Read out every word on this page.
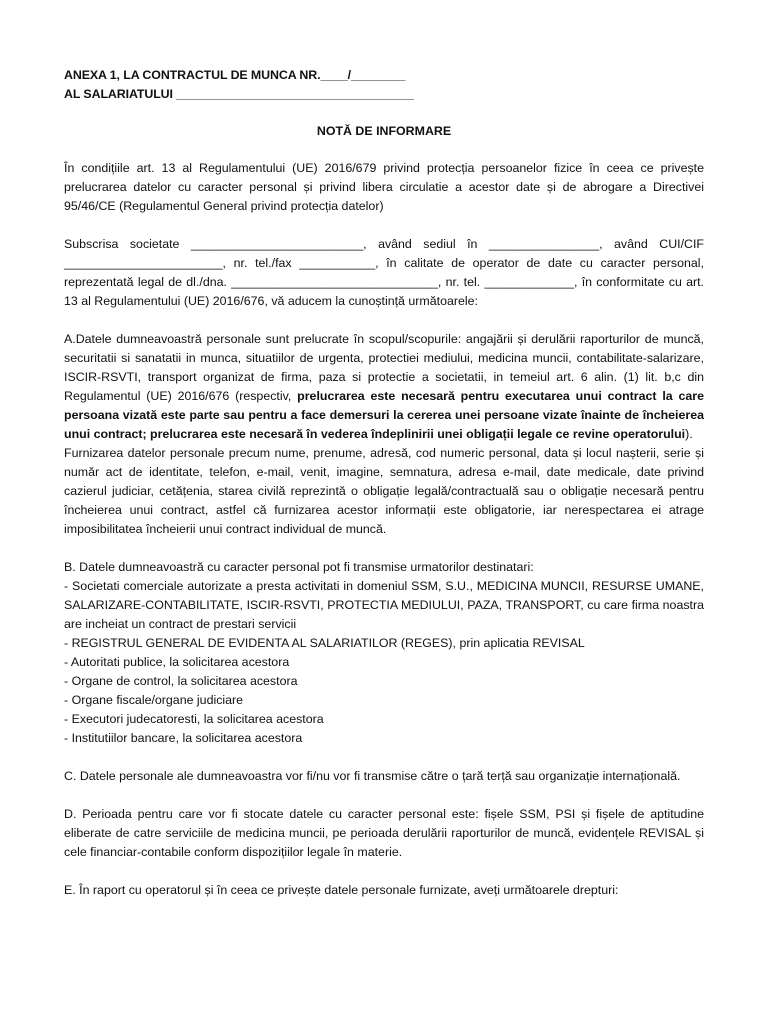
ANEXA 1, LA CONTRACTUL DE MUNCA NR.____/________

AL SALARIATULUI ___________________________________

NOTĂ DE INFORMARE

În condițiile art. 13 al Regulamentului (UE) 2016/679 privind protecția persoanelor fizice în ceea ce privește prelucrarea datelor cu caracter personal și privind libera circulatie a acestor date și de abrogare a Directivei 95/46/CE (Regulamentul General privind protecția datelor)

Subscrisa societate _________________________, având sediul în ________________, având CUI/CIF _______________________, nr. tel./fax ___________, în calitate de operator de date cu caracter personal, reprezentată legal de dl./dna. ______________________________, nr. tel. _____________, în conformitate cu art. 13 al Regulamentului (UE) 2016/676, vă aducem la cunoștință următoarele:

A.Datele dumneavoastră personale sunt prelucrate în scopul/scopurile: angajării și derulării raporturilor de muncă, securitatii si sanatatii in munca, situatiilor de urgenta, protectiei mediului, medicina muncii, contabilitate-salarizare, ISCIR-RSVTI, transport organizat de firma, paza si protectie a societatii, in temeiul art. 6 alin. (1) lit. b,c din Regulamentul (UE) 2016/676 (respectiv, prelucrarea este necesară pentru executarea unui contract la care persoana vizată este parte sau pentru a face demersuri la cererea unei persoane vizate înainte de încheierea unui contract; prelucrarea este necesară în vederea îndeplinirii unei obligații legale ce revine operatorului).

Furnizarea datelor personale precum nume, prenume, adresă, cod numeric personal, data și locul nașterii, serie și număr act de identitate, telefon, e-mail, venit, imagine, semnatura, adresa e-mail, date medicale, date privind cazierul judiciar, cetățenia, starea civilă reprezintă o obligație legală/contractuală sau o obligație necesară pentru încheierea unui contract, astfel că furnizarea acestor informații este obligatorie, iar nerespectarea ei atrage imposibilitatea încheierii unui contract individual de muncă.

B. Datele dumneavoastră cu caracter personal pot fi transmise urmatorilor destinatari:

- Societati comerciale autorizate a presta activitati in domeniul SSM, S.U., MEDICINA MUNCII, RESURSE UMANE, SALARIZARE-CONTABILITATE, ISCIR-RSVTI, PROTECTIA MEDIULUI, PAZA, TRANSPORT, cu care firma noastra are incheiat un contract de prestari servicii

- REGISTRUL GENERAL DE EVIDENTA AL SALARIATILOR (REGES), prin aplicatia REVISAL

- Autoritati publice, la solicitarea acestora

- Organe de control, la solicitarea acestora

- Organe fiscale/organe judiciare

- Executori judecatoresti, la solicitarea acestora

- Institutiilor bancare, la solicitarea acestora

C. Datele personale ale dumneavoastra vor fi/nu vor fi transmise către o țară terță sau organizație internațională.

D. Perioada pentru care vor fi stocate datele cu caracter personal este: fișele SSM, PSI și fișele de aptitudine eliberate de catre serviciile de medicina muncii, pe perioada derulării raporturilor de muncă, evidențele REVISAL și cele financiar-contabile conform dispozițiilor legale în materie.

E. În raport cu operatorul și în ceea ce privește datele personale furnizate, aveți următoarele drepturi:
